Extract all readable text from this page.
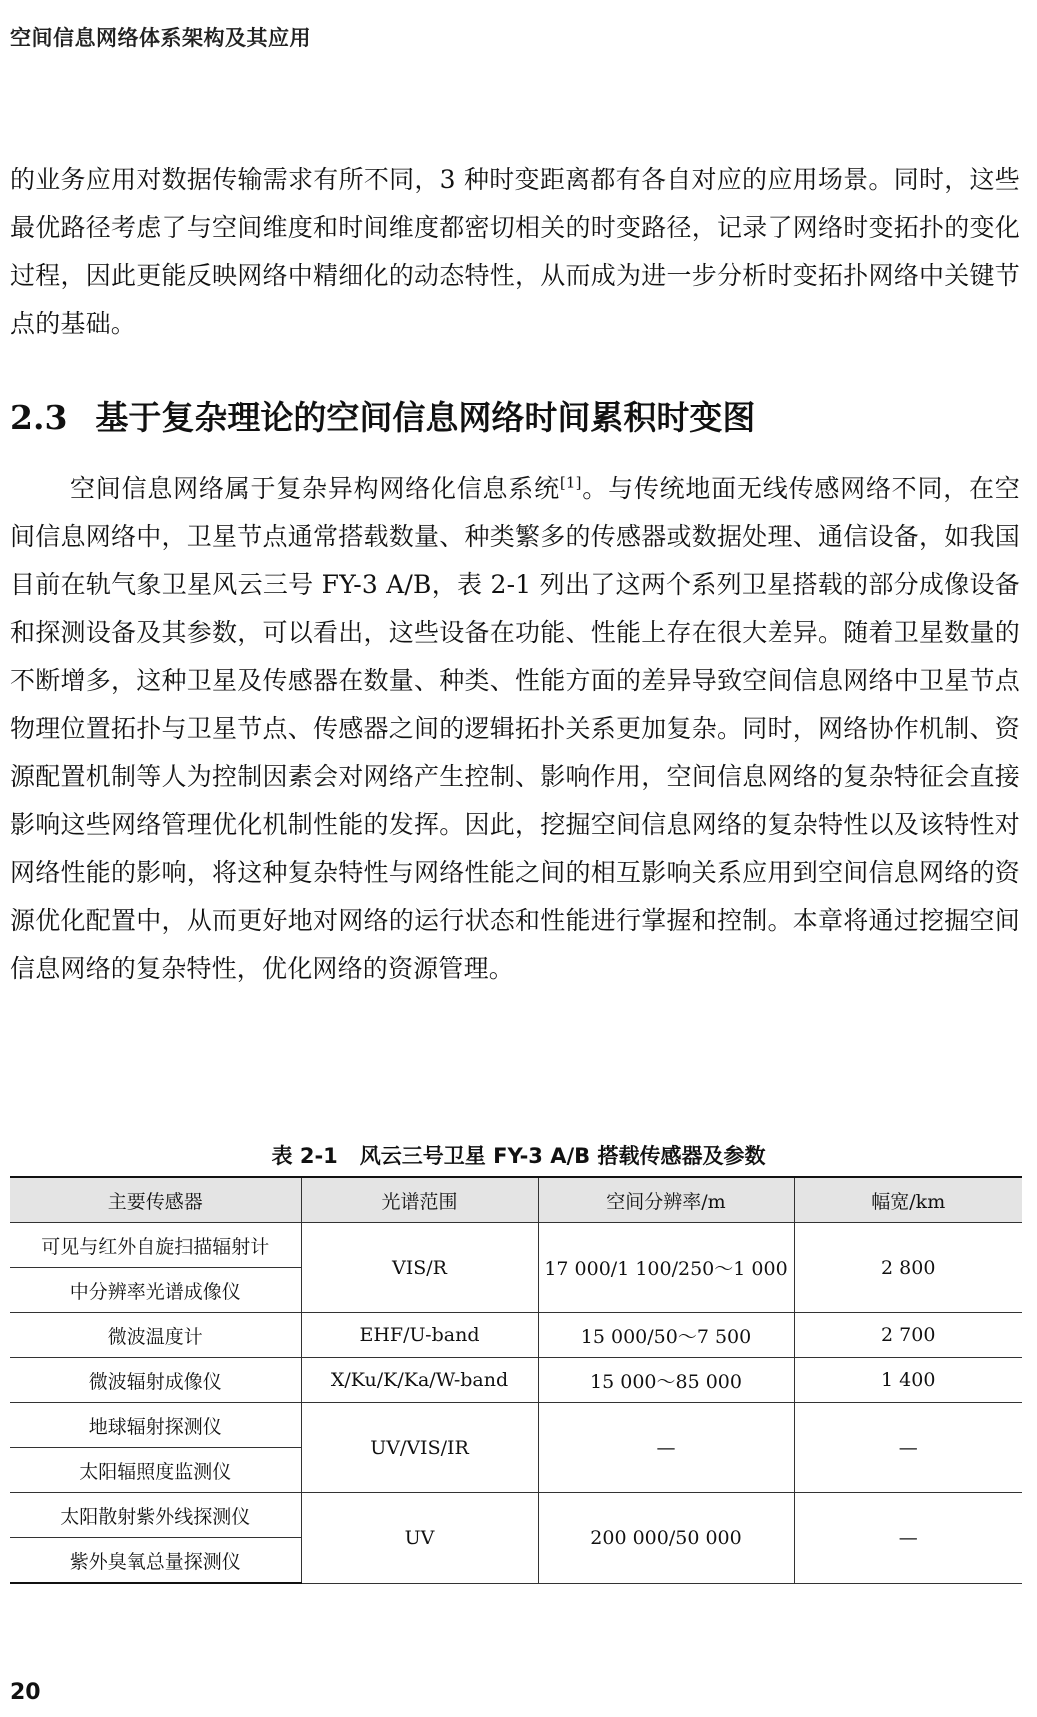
空间信息网络体系架构及其应用

的业务应用对数据传输需求有所不同，3 种时变距离都有各自对应的应用场景。同时，这些最优路径考虑了与空间维度和时间维度都密切相关的时变路径，记录了网络时变拓扑的变化过程，因此更能反映网络中精细化的动态特性，从而成为进一步分析时变拓扑网络中关键节点的基础。

2.3 基于复杂理论的空间信息网络时间累积时变图

空间信息网络属于复杂异构网络化信息系统[1]。与传统地面无线传感网络不同，在空间信息网络中，卫星节点通常搭载数量、种类繁多的传感器或数据处理、通信设备，如我国目前在轨气象卫星风云三号 FY-3 A/B，表 2-1 列出了这两个系列卫星搭载的部分成像设备和探测设备及其参数，可以看出，这些设备在功能、性能上存在很大差异。随着卫星数量的不断增多，这种卫星及传感器在数量、种类、性能方面的差异导致空间信息网络中卫星节点物理位置拓扑与卫星节点、传感器之间的逻辑拓扑关系更加复杂。同时，网络协作机制、资源配置机制等人为控制因素会对网络产生控制、影响作用，空间信息网络的复杂特征会直接影响这些网络管理优化机制性能的发挥。因此，挖掘空间信息网络的复杂特性以及该特性对网络性能的影响，将这种复杂特性与网络性能之间的相互影响关系应用到空间信息网络的资源优化配置中，从而更好地对网络的运行状态和性能进行掌握和控制。本章将通过挖掘空间信息网络的复杂特性，优化网络的资源管理。

表 2-1 风云三号卫星 FY-3 A/B 搭载传感器及参数
主要传感器	光谱范围	空间分辨率/m	幅宽/km
可见与红外自旋扫描辐射计	VIS/R	17 000/1 100/250～1 000	2 800
中分辨率光谱成像仪			
微波温度计	EHF/U-band	15 000/50～7 500	2 700
微波辐射成像仪	X/Ku/K/Ka/W-band	15 000～85 000	1 400
地球辐射探测仪	UV/VIS/IR	—	—
太阳辐照度监测仪			
太阳散射紫外线探测仪	UV	200 000/50 000	—
紫外臭氧总量探测仪			
20
